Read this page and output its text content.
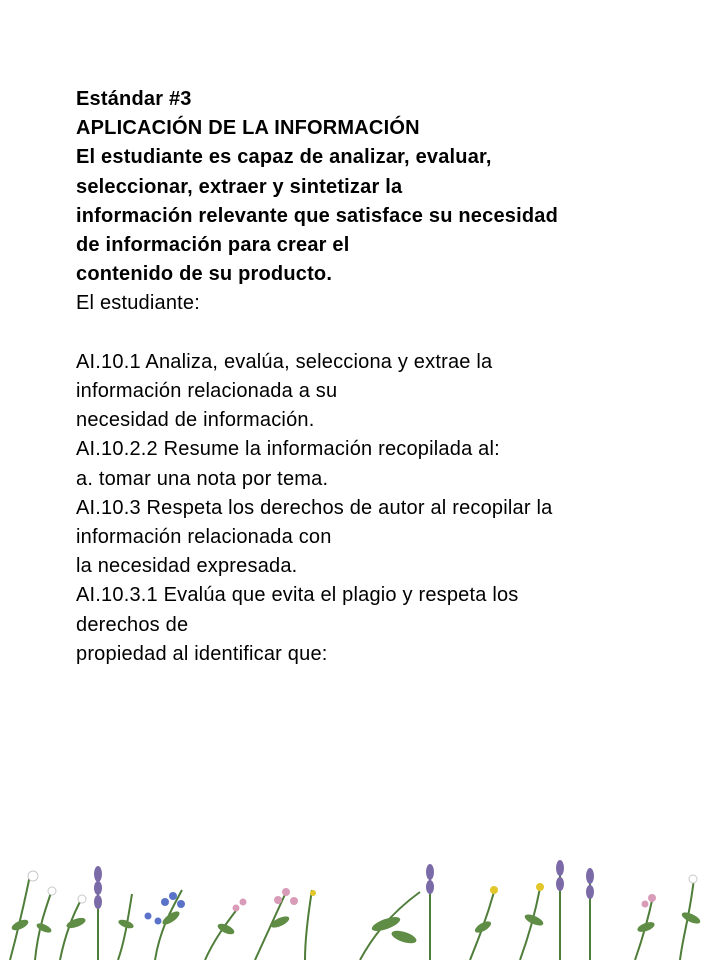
Estándar #3
APLICACIÓN DE LA INFORMACIÓN
El estudiante es capaz de analizar, evaluar,
seleccionar, extraer y sintetizar la
información relevante que satisface su necesidad
de información para crear el
contenido de su producto.
El estudiante:
AI.10.1 Analiza, evalúa, selecciona y extrae la
información relacionada a su
necesidad de información.
AI.10.2.2 Resume la información recopilada al:
a. tomar una nota por tema.
AI.10.3 Respeta los derechos de autor al recopilar la
información relacionada con
la necesidad expresada.
AI.10.3.1 Evalúa que evita el plagio y respeta los
derechos de
propiedad al identificar que:
